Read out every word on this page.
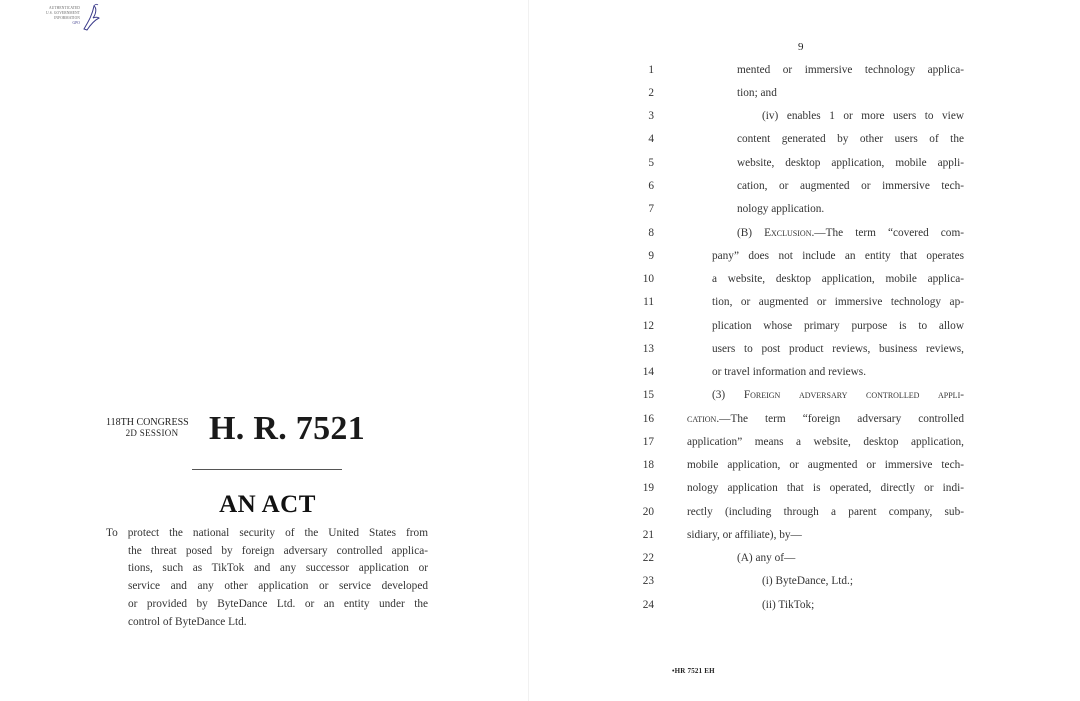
AUTHENTICATED
U.S. GOVERNMENT
INFORMATION
GPO
118TH CONGRESS
2D SESSION H. R. 7521
AN ACT
To protect the national security of the United States from
the threat posed by foreign adversary controlled applica-
tions, such as TikTok and any successor application or
service and any other application or service developed
or provided by ByteDance Ltd. or an entity under the
control of ByteDance Ltd.
9
1	mented or immersive technology applica-
2	tion; and
3	(iv) enables 1 or more users to view
4	content generated by other users of the
5	website, desktop application, mobile appli-
6	cation, or augmented or immersive tech-
7	nology application.
8	(B) Exclusion.—The term “covered com-
9	pany” does not include an entity that operates
10	a website, desktop application, mobile applica-
11	tion, or augmented or immersive technology ap-
12	plication whose primary purpose is to allow
13	users to post product reviews, business reviews,
14	or travel information and reviews.
15	(3) Foreign adversary controlled appli-
16	cation.—The term “foreign adversary controlled
17	application” means a website, desktop application,
18	mobile application, or augmented or immersive tech-
19	nology application that is operated, directly or indi-
20	rectly (including through a parent company, sub-
21	sidiary, or affiliate), by—
22	(A) any of—
23	(i) ByteDance, Ltd.;
24	(ii) TikTok;
•HR 7521 EH
